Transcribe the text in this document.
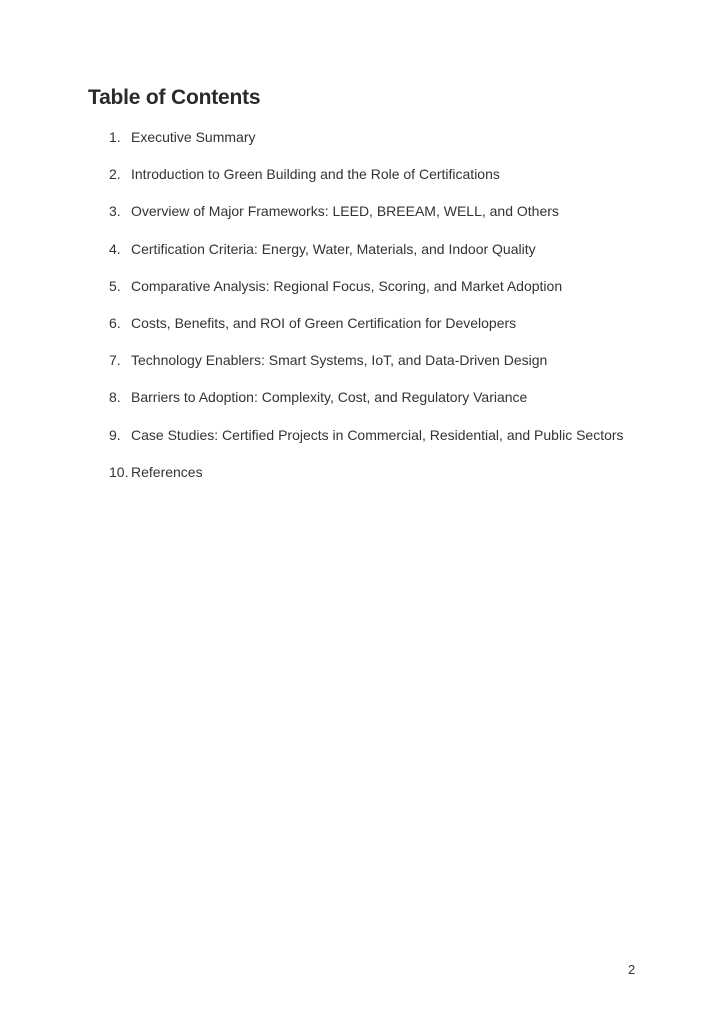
Table of Contents
1. Executive Summary
2. Introduction to Green Building and the Role of Certifications
3. Overview of Major Frameworks: LEED, BREEAM, WELL, and Others
4. Certification Criteria: Energy, Water, Materials, and Indoor Quality
5. Comparative Analysis: Regional Focus, Scoring, and Market Adoption
6. Costs, Benefits, and ROI of Green Certification for Developers
7. Technology Enablers: Smart Systems, IoT, and Data-Driven Design
8. Barriers to Adoption: Complexity, Cost, and Regulatory Variance
9. Case Studies: Certified Projects in Commercial, Residential, and Public Sectors
10. References
2
